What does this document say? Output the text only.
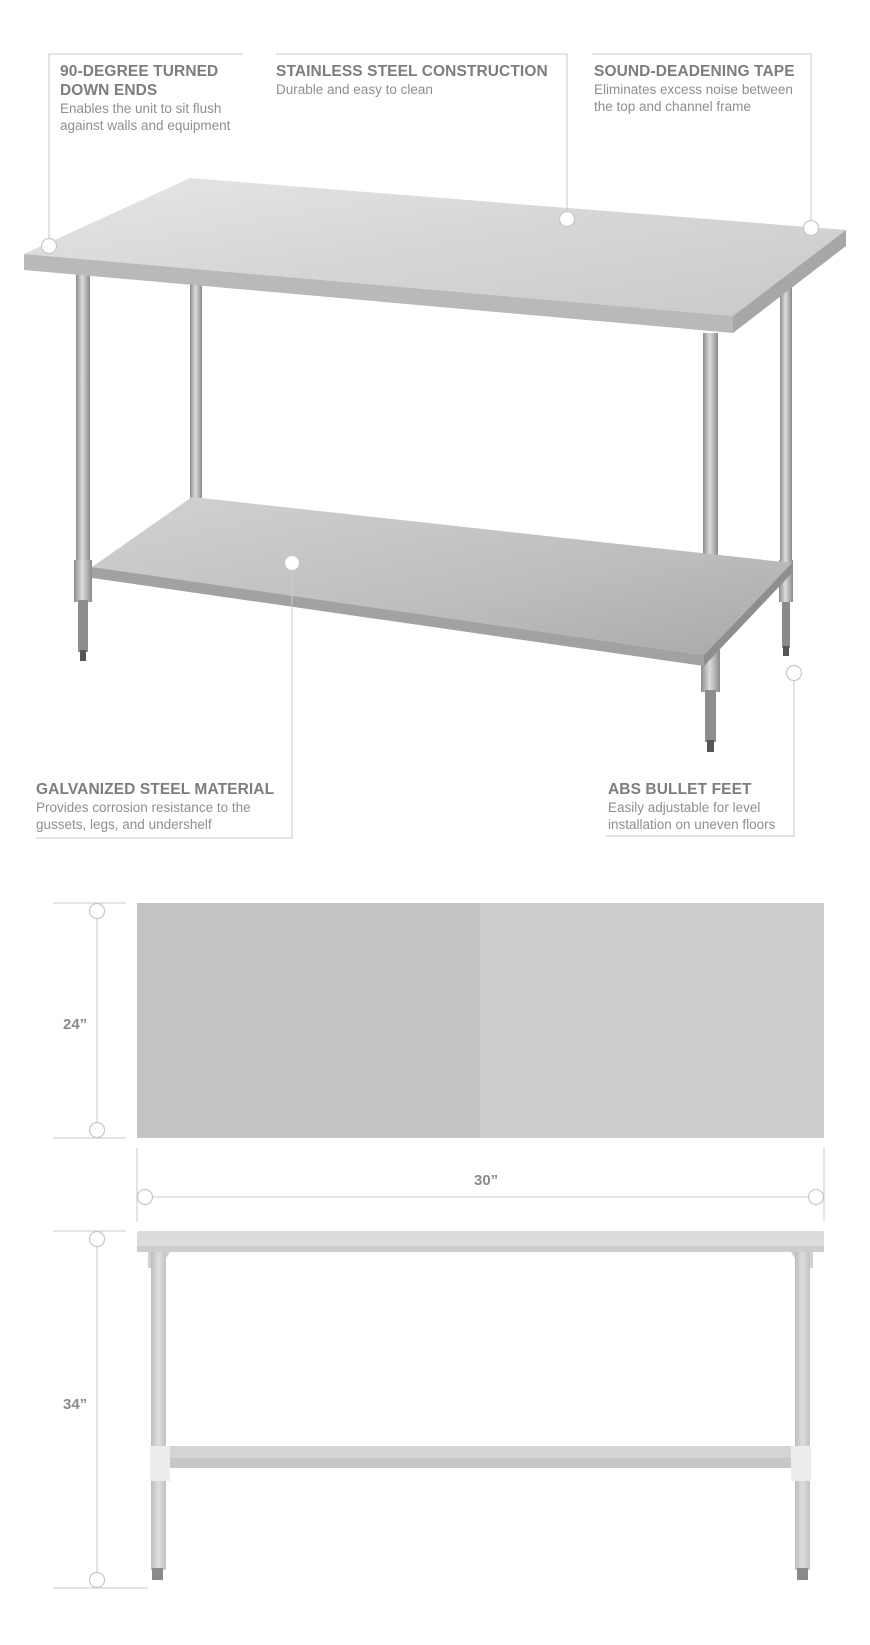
90-DEGREE TURNED DOWN ENDS
Enables the unit to sit flush against walls and equipment
STAINLESS STEEL CONSTRUCTION
Durable and easy to clean
SOUND-DEADENING TAPE
Eliminates excess noise between the top and channel frame
GALVANIZED STEEL MATERIAL
Provides corrosion resistance to the gussets, legs, and undershelf
ABS BULLET FEET
Easily adjustable for level installation on uneven floors
24”
30”
34”
